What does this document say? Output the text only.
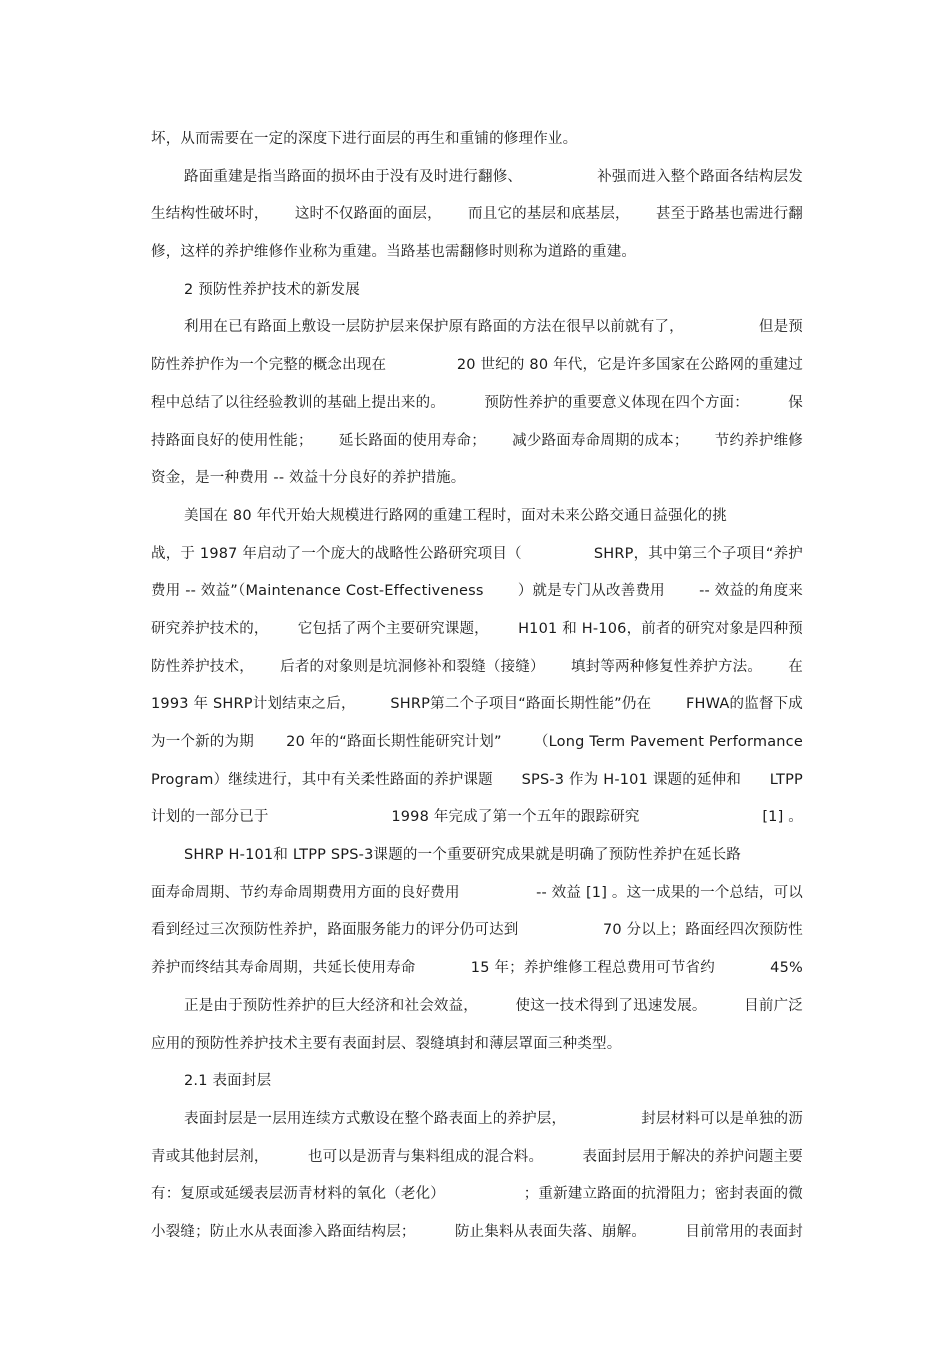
坏，从而需要在一定的深度下进行面层的再生和重铺的修理作业。
路面重建是指当路面的损坏由于没有及时进行翻修、	补强而进入整个路面各结构层发
生结构性破坏时， 这时不仅路面的面层， 而且它的基层和底基层， 甚至于路基也需进行翻
修，这样的养护维修作业称为重建。当路基也需翻修时则称为道路的重建。
2 预防性养护技术的新发展
利用在已有路面上敷设一层防护层来保护原有路面的方法在很早以前就有了，	但是预
防性养护作为一个完整的概念出现在	20 世纪的 80 年代，它是许多国家在公路网的重建过
程中总结了以往经验教训的基础上提出来的。	预防性养护的重要意义体现在四个方面：	保
持路面良好的使用性能； 延长路面的使用寿命； 减少路面寿命周期的成本； 节约养护维修
资金，是一种费用 -- 效益十分良好的养护措施。
美国在 80 年代开始大规模进行路网的重建工程时，面对未来公路交通日益强化的挑
战，于 1987 年启动了一个庞大的战略性公路研究项目（	SHRP，其中第三个子项目“养护
费用 -- 效益”（Maintenance Cost-Effectiveness ）就是专门从改善费用 -- 效益的角度来
研究养护技术的， 它包括了两个主要研究课题， H101 和 H-106，前者的研究对象是四种预
防性养护技术， 后者的对象则是坑洞修补和裂缝（接缝） 填封等两种修复性养护方法。 在
1993 年 SHRP计划结束之后， SHRP第二个子项目“路面长期性能”仍在 FHWA的监督下成
为一个新的为期 20 年的“路面长期性能研究计划” （Long Term Pavement Performance
Program）继续进行，其中有关柔性路面的养护课题 SPS-3 作为 H-101 课题的延伸和 LTPP
计划的一部分已于	1998 年完成了第一个五年的跟踪研究	[1] 。
SHRP H-101和 LTPP SPS-3课题的一个重要研究成果就是明确了预防性养护在延长路
面寿命周期、节约寿命周期费用方面的良好费用	-- 效益 [1] 。这一成果的一个总结，可以
看到经过三次预防性养护，路面服务能力的评分仍可达到	70 分以上；路面经四次预防性
养护而终结其寿命周期，共延长使用寿命	15 年；养护维修工程总费用可节省约	45%
正是由于预防性养护的巨大经济和社会效益，	使这一技术得到了迅速发展。	目前广泛
应用的预防性养护技术主要有表面封层、裂缝填封和薄层罩面三种类型。
2.1 表面封层
表面封层是一层用连续方式敷设在整个路表面上的养护层，	封层材料可以是单独的沥
青或其他封层剂，	也可以是沥青与集料组成的混合料。	表面封层用于解决的养护问题主要
有：复原或延缓表层沥青材料的氧化（老化）	；重新建立路面的抗滑阻力；密封表面的微
小裂缝；防止水从表面渗入路面结构层；	防止集料从表面失落、崩解。	目前常用的表面封
